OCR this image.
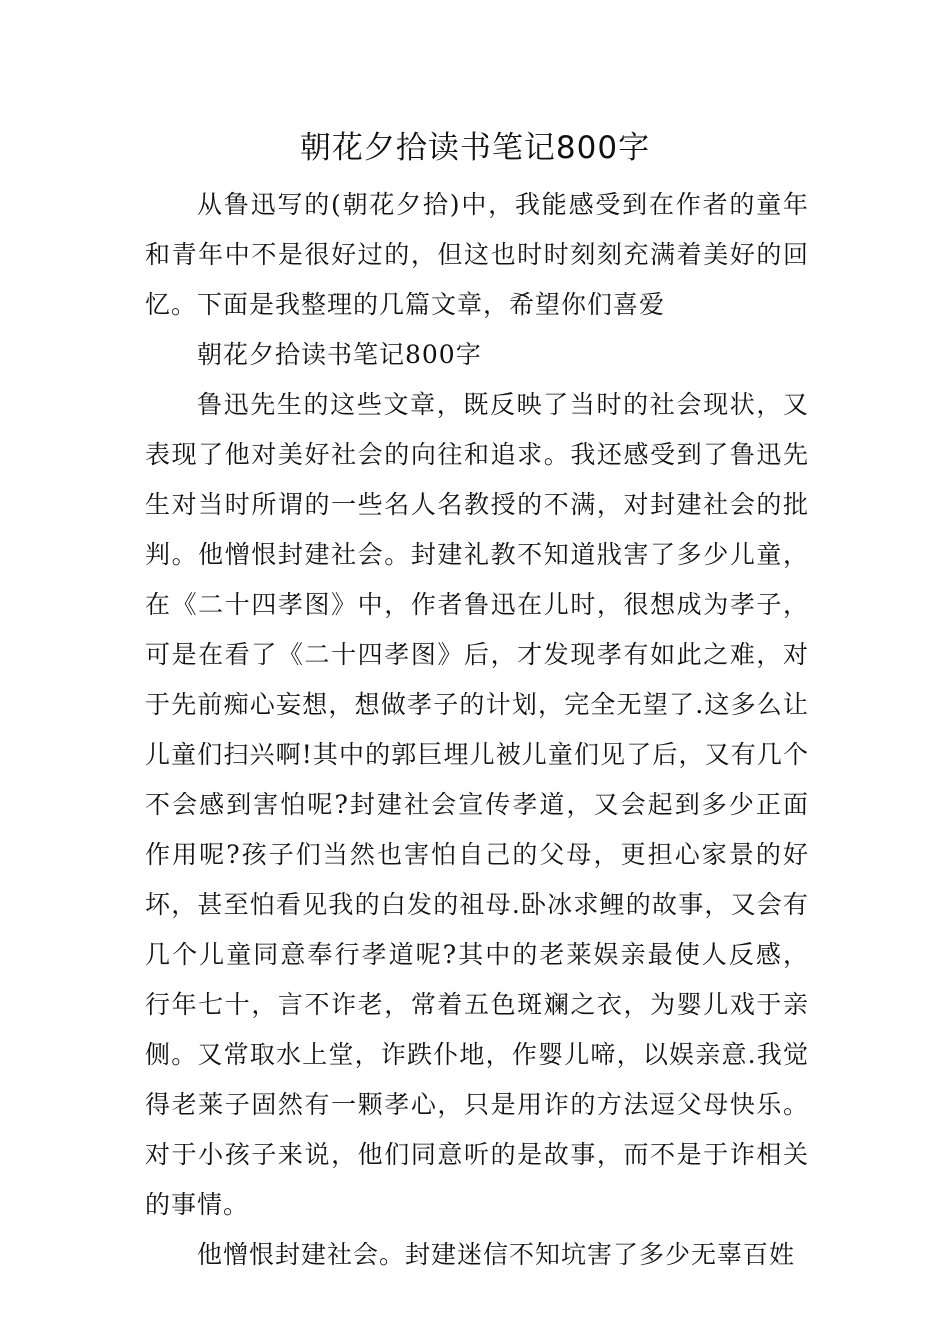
朝花夕拾读书笔记800字

从鲁迅写的(朝花夕拾)中，我能感受到在作者的童年和青年中不是很好过的，但这也时时刻刻充满着美好的回忆。下面是我整理的几篇文章，希望你们喜爱

朝花夕拾读书笔记800字

鲁迅先生的这些文章，既反映了当时的社会现状，又表现了他对美好社会的向往和追求。我还感受到了鲁迅先生对当时所谓的一些名人名教授的不满，对封建社会的批判。他憎恨封建社会。封建礼教不知道戕害了多少儿童，在《二十四孝图》中，作者鲁迅在儿时，很想成为孝子，可是在看了《二十四孝图》后，才发现孝有如此之难，对于先前痴心妄想，想做孝子的计划，完全无望了.这多么让儿童们扫兴啊!其中的郭巨埋儿被儿童们见了后，又有几个不会感到害怕呢?封建社会宣传孝道，又会起到多少正面作用呢?孩子们当然也害怕自己的父母，更担心家景的好坏，甚至怕看见我的白发的祖母.卧冰求鲤的故事，又会有几个儿童同意奉行孝道呢?其中的老莱娱亲最使人反感，行年七十，言不诈老，常着五色斑斓之衣，为婴儿戏于亲侧。又常取水上堂，诈跌仆地，作婴儿啼，以娱亲意.我觉得老莱子固然有一颗孝心，只是用诈的方法逗父母快乐。对于小孩子来说，他们同意听的是故事，而不是于诈相关的事情。

他憎恨封建社会。封建迷信不知坑害了多少无辜百姓
